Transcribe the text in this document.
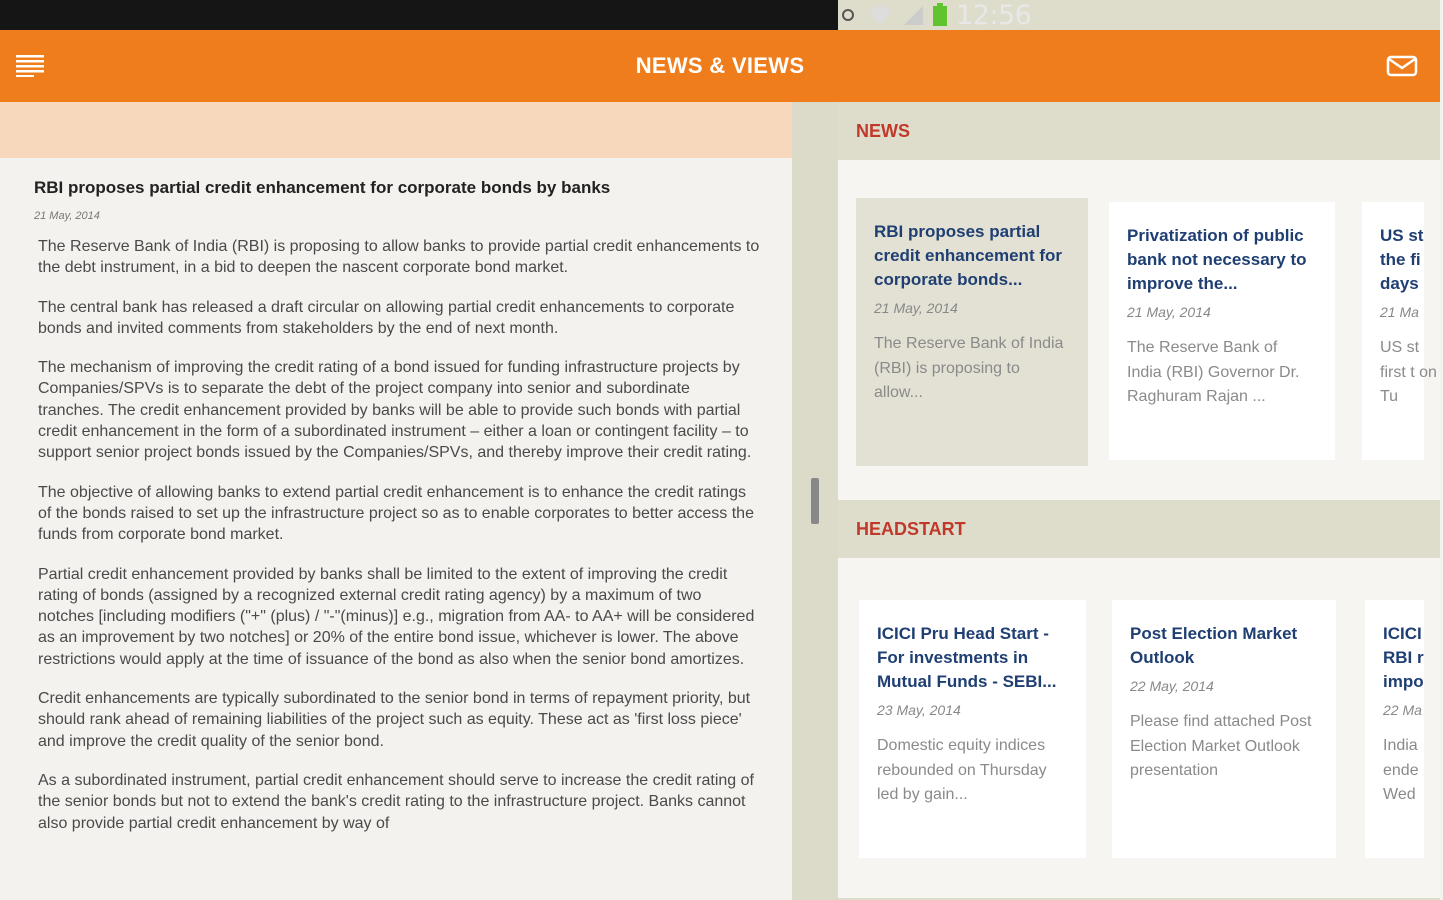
12:56
NEWS & VIEWS
RBI proposes partial credit enhancement for corporate bonds by banks
21 May, 2014

The Reserve Bank of India (RBI) is proposing to allow banks to provide partial credit enhancements to the debt instrument, in a bid to deepen the nascent corporate bond market.

The central bank has released a draft circular on allowing partial credit enhancements to corporate bonds and invited comments from stakeholders by the end of next month.

The mechanism of improving the credit rating of a bond issued for funding infrastructure projects by Companies/SPVs is to separate the debt of the project company into senior and subordinate tranches. The credit enhancement provided by banks will be able to provide such bonds with partial credit enhancement in the form of a subordinated instrument – either a loan or contingent facility – to support senior project bonds issued by the Companies/SPVs, and thereby improve their credit rating.

The objective of allowing banks to extend partial credit enhancement is to enhance the credit ratings of the bonds raised to set up the infrastructure project so as to enable corporates to better access the funds from corporate bond market.

Partial credit enhancement provided by banks shall be limited to the extent of improving the credit rating of bonds (assigned by a recognized external credit rating agency) by a maximum of two notches [including modifiers ("+" (plus) / "-"(minus)] e.g., migration from AA- to AA+ will be considered as an improvement by two notches] or 20% of the entire bond issue, whichever is lower. The above restrictions would apply at the time of issuance of the bond as also when the senior bond amortizes.

Credit enhancements are typically subordinated to the senior bond in terms of repayment priority, but should rank ahead of remaining liabilities of the project such as equity. These act as 'first loss piece' and improve the credit quality of the senior bond.

As a subordinated instrument, partial credit enhancement should serve to increase the credit rating of the senior bonds but not to extend the bank's credit rating to the infrastructure project. Banks cannot also provide partial credit enhancement by way of

NEWS
RBI proposes partial credit enhancement for corporate bonds...
21 May, 2014
The Reserve Bank of India (RBI) is proposing to allow...
Privatization of public bank not necessary to improve the...
21 May, 2014
The Reserve Bank of India (RBI) Governor Dr. Raghuram Rajan ...
US st the fi days
21 Ma
US st first t on Tu
HEADSTART
ICICI Pru Head Start - For investments in Mutual Funds - SEBI...
23 May, 2014
Domestic equity indices rebounded on Thursday led by gain...
Post Election Market Outlook
22 May, 2014
Please find attached Post Election Market Outlook presentation
ICICI RBI r impo
22 Ma
India ende Wed
